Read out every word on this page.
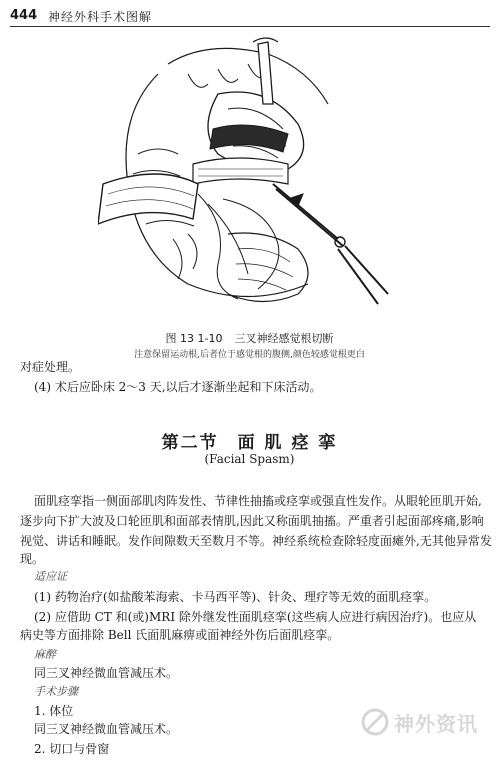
444 神经外科手术图解
图 13 1-10 三叉神经感觉根切断
注意保留运动根,后者位于感觉根的腹侧,颜色较感觉根更白
对症处理。
(4) 术后应卧床 2～3 天,以后才逐渐坐起和下床活动。
第二节　面 肌 痉 挛
(Facial Spasm)
面肌痉挛指一侧面部肌肉阵发性、节律性抽搐或痉挛或强直性发作。从眼轮匝肌开始,
逐步向下扩大波及口轮匝肌和面部表情肌,因此又称面肌抽搐。严重者引起面部疼痛,影响
视觉、讲话和睡眠。发作间隙数天至数月不等。神经系统检查除轻度面瘫外,无其他异常发
现。
适应证
(1) 药物治疗(如盐酸苯海索、卡马西平等)、针灸、理疗等无效的面肌痉挛。
(2) 应借助 CT 和(或)MRI 除外继发性面肌痉挛(这些病人应进行病因治疗)。也应从
病史等方面排除 Bell 氏面肌麻痹或面神经外伤后面肌痉挛。
麻醉
同三叉神经微血管减压术。
手术步骤
1. 体位
同三叉神经微血管减压术。
2. 切口与骨窗
神外资讯
